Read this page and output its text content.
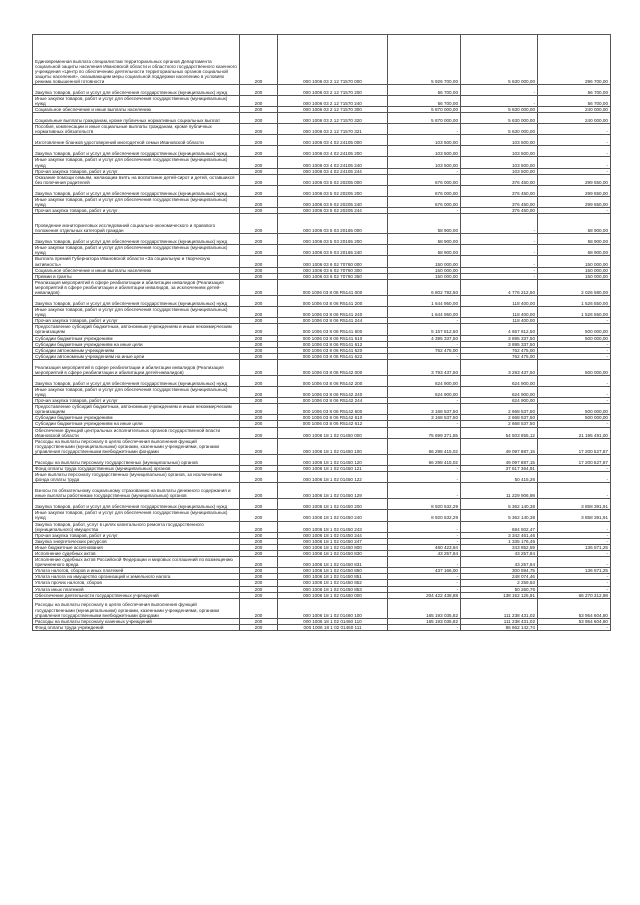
Единовременная выплата специалистам территориальных органов Департамента социальной защиты населения Ивановской области и областного государственного казенного учреждения «Центр по обеспечению деятельности территориальных органов социальной защиты населения», оказывающим меры социальной поддержки населению в условиях режима повышенной готовности	200	000 1006 03 2 12 71570 000	5 926 700,00	5 630 000,00	296 700,00
Закупка товаров, работ и услуг для обеспечения государственных (муниципальных) нужд	200	000 1006 03 2 12 71570 200	56 700,00	-	56 700,00
Иные закупки товаров, работ и услуг для обеспечения государственных (муниципальных) нужд	200	000 1006 03 2 12 71570 240	56 700,00	-	56 700,00
Социальное обеспечение и иные выплаты населению	200	000 1006 03 2 12 71570 300	5 870 000,00	5 630 000,00	240 000,00
Социальные выплаты гражданам, кроме публичных нормативных социальных выплат	200	000 1006 03 2 12 71570 320	5 870 000,00	5 630 000,00	240 000,00
Пособия, компенсации и иные социальные выплаты гражданам, кроме публичных нормативных обязательств	200	000 1006 03 2 12 71570 321	-	5 630 000,00	-
Изготовление бланков удостоверений многодетной семьи Ивановской области	200	000 1006 03 4 02 24105 000	103 500,00	103 500,00	-
Закупка товаров, работ и услуг для обеспечения государственных (муниципальных) нужд	200	000 1006 03 4 02 24105 200	103 500,00	103 500,00	-
Иные закупки товаров, работ и услуг для обеспечения государственных (муниципальных) нужд	200	000 1006 03 4 02 24105 240	103 500,00	103 500,00	-
Прочая закупка товаров, работ и услуг	200	000 1006 03 4 02 24105 244	-	103 500,00	-
Оказание помощи семьям, желающим взять на воспитание детей-сирот и детей, оставшихся без попечения родителей	200	000 1006 03 5 02 20205 000	676 000,00	376 450,00	299 550,00
Закупка товаров, работ и услуг для обеспечения государственных (муниципальных) нужд	200	000 1006 03 5 02 20205 200	676 000,00	376 450,00	299 550,00
Иные закупки товаров, работ и услуг для обеспечения государственных (муниципальных) нужд	200	000 1006 03 5 02 20205 240	676 000,00	376 450,00	299 550,00
Прочая закупка товаров, работ и услуг	200	000 1006 03 5 02 20205 244	-	376 450,00	-
Проведение мониторинговых исследований социально-экономического и правового положения отдельных категорий граждан	200	000 1006 03 5 03 20165 000	58 900,00	-	58 900,00
Закупка товаров, работ и услуг для обеспечения государственных (муниципальных) нужд	200	000 1006 03 5 03 20165 200	58 900,00	-	58 900,00
Иные закупки товаров, работ и услуг для обеспечения государственных (муниципальных) нужд	200	000 1006 03 5 03 20165 240	58 900,00	-	58 900,00
Выплата премий Губернатора Ивановской области «За социальную и творческую активность»	200	000 1006 03 6 02 70760 000	150 000,00	-	150 000,00
Социальное обеспечение и иные выплаты населению	200	000 1006 03 6 02 70760 300	150 000,00	-	150 000,00
Премии и гранты	200	000 1006 03 6 02 70760 350	150 000,00	-	150 000,00
Реализация мероприятий в сфере реабилитации и абилитации инвалидов (Реализация мероприятий в сфере реабилитации и абилитации инвалидов, за исключением детей-инвалидов)	200	000 1006 03 8 06 R5141 000	6 802 792,50	4 776 212,50	2 026 580,00
Закупка товаров, работ и услуг для обеспечения государственных (муниципальных) нужд	200	000 1006 03 8 06 R5141 200	1 644 950,00	118 400,00	1 526 550,00
Иные закупки товаров, работ и услуг для обеспечения государственных (муниципальных) нужд	200	000 1006 03 8 06 R5141 240	1 644 950,00	118 400,00	1 526 550,00
Прочая закупка товаров, работ и услуг	200	000 1006 03 8 06 R5141 244	-	118 400,00	-
Предоставление субсидий бюджетным, автономным учреждениям и иным некоммерческим организациям	200	000 1006 03 8 06 R5141 600	5 157 812,50	4 657 812,50	500 000,00
Субсидии бюджетным учреждениям	200	000 1006 03 8 06 R5141 610	4 395 337,50	3 895 337,50	500 000,00
Субсидии бюджетным учреждениям на иные цели	200	000 1006 03 8 06 R5141 612	-	3 895 337,50	-
Субсидии автономным учреждениям	200	000 1006 03 8 06 R5141 620	762 475,00	762 475,00	-
Субсидии автономным учреждениям на иные цели	200	000 1006 03 8 06 R5141 622	-	762 475,00	-
Реализация мероприятий в сфере реабилитации и абилитации инвалидов (Реализация мероприятий в сфере реабилитации и абилитации детей-инвалидов)	200	000 1006 03 8 06 R5142 000	3 793 437,50	3 293 437,50	500 000,00
Закупка товаров, работ и услуг для обеспечения государственных (муниципальных) нужд	200	000 1006 03 8 06 R5142 200	624 900,00	624 900,00	-
Иные закупки товаров, работ и услуг для обеспечения государственных (муниципальных) нужд	200	000 1006 03 8 06 R5142 240	624 900,00	624 900,00	-
Прочая закупка товаров, работ и услуг	200	000 1006 03 8 06 R5142 244	-	624 900,00	-
Предоставление субсидий бюджетным, автономным учреждениям и иным некоммерческим организациям	200	000 1006 03 8 06 R5142 600	3 168 537,50	2 668 537,50	500 000,00
Субсидии бюджетным учреждениям	200	000 1006 03 8 06 R5142 610	3 168 537,50	2 668 537,50	500 000,00
Субсидии бюджетным учреждениям на иные цели	200	000 1006 03 8 06 R5142 612	-	2 668 537,50	-
Обеспечение функций центральных исполнительных органов государственной власти Ивановской области	200	000 1006 18 1 02 01450 000	75 699 371,55	54 503 855,12	21 195 491,00
Расходы на выплаты персоналу в целях обеспечения выполнения функций государственными (муниципальными) органами, казенными учреждениями, органами управления государственными внебюджетными фондами	200	000 1006 18 1 02 01450 100	66 298 415,02	49 097 887,15	17 200 527,87
Расходы на выплаты персоналу государственных (муниципальных) органов	200	000 1006 18 1 02 01450 120	66 298 415,02	49 097 887,15	17 200 527,87
Фонд оплаты труда государственных (муниципальных) органов	200	000 1006 18 1 02 01450 121	-	37 817 364,91	-
Иные выплаты персоналу государственных (муниципальных) органов, за исключением фонда оплаты труда	200	000 1006 18 1 02 01450 122	-	50 415,26	-
Взносы по обязательному социальному страхованию на выплаты денежного содержания и иные выплаты работникам государственных (муниципальных) органов	200	000 1006 18 1 02 01450 129	-	11 229 906,98	-
Закупка товаров, работ и услуг для обеспечения государственных (муниципальных) нужд	200	000 1006 18 1 02 01450 200	8 920 532,29	5 362 140,38	3 858 391,91
Иные закупки товаров, работ и услуг для обеспечения государственных (муниципальных) нужд	200	000 1006 18 1 02 01450 240	8 920 532,29	5 362 140,38	3 858 391,91
Закупка товаров, работ, услуг в целях капитального ремонта государственного (муниципального) имущества	200	000 1006 18 1 02 01450 243	-	684 502,47	-
Прочая закупка товаров, работ и услуг	200	000 1006 18 1 02 01450 244	-	3 342 461,46	-
Закупка энергетических ресурсов	200	000 1006 18 1 02 01450 247	-	1 335 176,45	-
Иные бюджетные ассигнования	200	000 1006 18 1 02 01450 800	480 423,84	343 852,59	136 571,25
Исполнение судебных актов	200	000 1006 18 1 02 01450 830	43 257,84	43 257,84	-
Исполнение судебных актов Российской Федерации и мировых соглашений по возмещению причиненного вреда	200	000 1006 18 1 02 01450 831	-	43 257,84	-
Уплата налогов, сборов и иных платежей	200	000 1006 18 1 02 01450 850	437 166,00	300 594,75	136 571,25
Уплата налога на имущество организаций и земельного налога	200	000 1006 18 1 02 01450 851	-	248 074,46	-
Уплата прочих налогов, сборов	200	000 1006 18 1 02 01450 852	-	2 259,53	-
Уплата иных платежей	200	000 1006 18 1 02 01450 853	-	50 260,76	-
Обеспечение деятельности государственных учреждений	200	000 1006 18 1 02 01460 000	204 422 438,88	138 152 125,91	66 270 312,98
Расходы на выплаты персоналу в целях обеспечения выполнения функций государственными (муниципальными) органами, казенными учреждениями, органами управления государственными внебюджетными фондами	200	000 1006 18 1 02 01460 100	165 193 035,82	111 238 431,02	53 954 604,80
Расходы на выплаты персоналу казенных учреждений	200	000 1006 18 1 02 01460 110	165 193 035,82	111 238 431,02	53 954 604,80
Фонд оплаты труда учреждений	200	000 1006 18 1 02 01460 111	-	86 662 142,74	-
